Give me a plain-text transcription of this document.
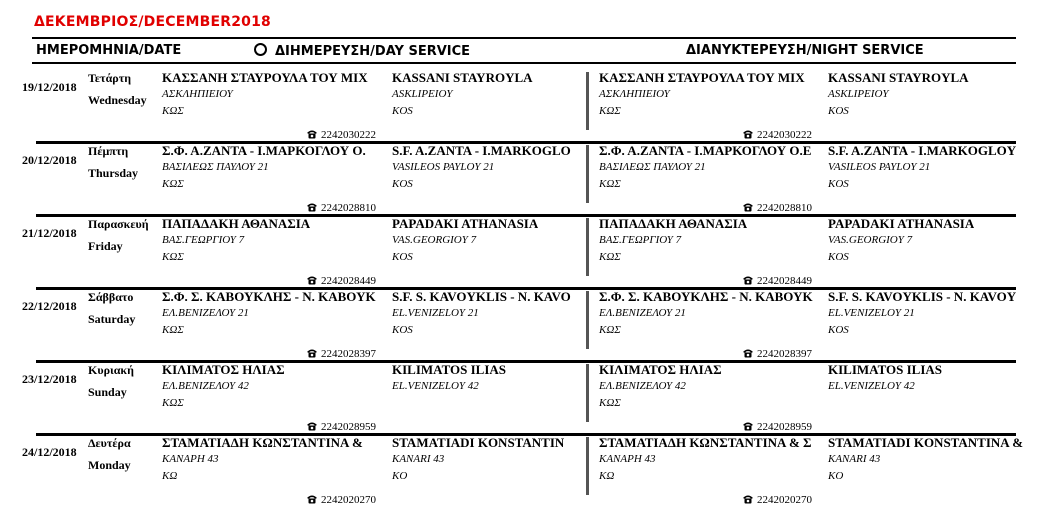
ΔΕΚΕΜΒΡΙΟΣ/DECEMBER2018
ΗΜΕΡΟΜΗΝΙΑ/DATE	ΔΙΗΜΕΡΕΥΣΗ/DAY SERVICE	ΔΙΑΝΥΚΤΕΡΕΥΣΗ/NIGHT SERVICE
19/12/2018
Τετάρτη
Wednesday
ΚΑΣΣΑΝΗ ΣΤΑΥΡΟΥΛΑ ΤΟΥ ΜΙΧ
ΑΣΚΛΗΠΙΕΙΟΥ
ΚΩΣ
KASSANI STAYROYLA
ASKLIPEIOY
KOS
2242030222
ΚΑΣΣΑΝΗ ΣΤΑΥΡΟΥΛΑ ΤΟΥ ΜΙΧ
ΑΣΚΛΗΠΙΕΙΟΥ
ΚΩΣ
KASSANI STAYROYLA
ASKLIPEIOY
KOS
2242030222
20/12/2018
Πέμπτη
Thursday
Σ.Φ. Α.ΖΑΝΤΑ - Ι.ΜΑΡΚΟΓΛΟΥ Ο.
ΒΑΣΙΛΕΩΣ ΠΑΥΛΟΥ 21
ΚΩΣ
S.F. A.ZANTA - I.MARKOGLO
VASILEOS PAYLOY 21
KOS
2242028810
Σ.Φ. Α.ΖΑΝΤΑ - Ι.ΜΑΡΚΟΓΛΟΥ Ο.Ε
ΒΑΣΙΛΕΩΣ ΠΑΥΛΟΥ 21
ΚΩΣ
S.F. A.ZANTA - I.MARKOGLOY
VASILEOS PAYLOY 21
KOS
2242028810
21/12/2018
Παρασκευή
Friday
ΠΑΠΑΔΑΚΗ ΑΘΑΝΑΣΙΑ
ΒΑΣ.ΓΕΩΡΓΙΟΥ 7
ΚΩΣ
PAPADAKI ATHANASIA
VAS.GEORGIOY 7
KOS
2242028449
ΠΑΠΑΔΑΚΗ ΑΘΑΝΑΣΙΑ
ΒΑΣ.ΓΕΩΡΓΙΟΥ 7
ΚΩΣ
PAPADAKI ATHANASIA
VAS.GEORGIOY 7
KOS
2242028449
22/12/2018
Σάββατο
Saturday
Σ.Φ. Σ. ΚΑΒΟΥΚΛΗΣ - Ν. ΚΑΒΟΥΚ
ΕΛ.ΒΕΝΙΖΕΛΟΥ 21
ΚΩΣ
S.F. S. KAVOYKLIS - N. KAVO
EL.VENIZELOY 21
KOS
2242028397
Σ.Φ. Σ. ΚΑΒΟΥΚΛΗΣ - Ν. ΚΑΒΟΥΚ
ΕΛ.ΒΕΝΙΖΕΛΟΥ 21
ΚΩΣ
S.F. S. KAVOYKLIS - N. KAVOY
EL.VENIZELOY 21
KOS
2242028397
23/12/2018
Κυριακή
Sunday
ΚΙΛΙΜΑΤΟΣ ΗΛΙΑΣ
ΕΛ.ΒΕΝΙΖΕΛΟΥ 42
ΚΩΣ
KILIMATOS ILIAS
EL.VENIZELOY 42
2242028959
ΚΙΛΙΜΑΤΟΣ ΗΛΙΑΣ
ΕΛ.ΒΕΝΙΖΕΛΟΥ 42
ΚΩΣ
KILIMATOS ILIAS
EL.VENIZELOY 42
2242028959
24/12/2018
Δευτέρα
Monday
ΣΤΑΜΑΤΙΑΔΗ ΚΩΝΣΤΑΝΤΙΝΑ &
ΚΑΝΑΡΗ 43
ΚΩ
STAMATIADI KONSTANTIN
KANARI 43
KO
2242020270
ΣΤΑΜΑΤΙΑΔΗ ΚΩΝΣΤΑΝΤΙΝΑ & Σ
ΚΑΝΑΡΗ 43
ΚΩ
STAMATIADI KONSTANTINA &
KANARI 43
KO
2242020270
